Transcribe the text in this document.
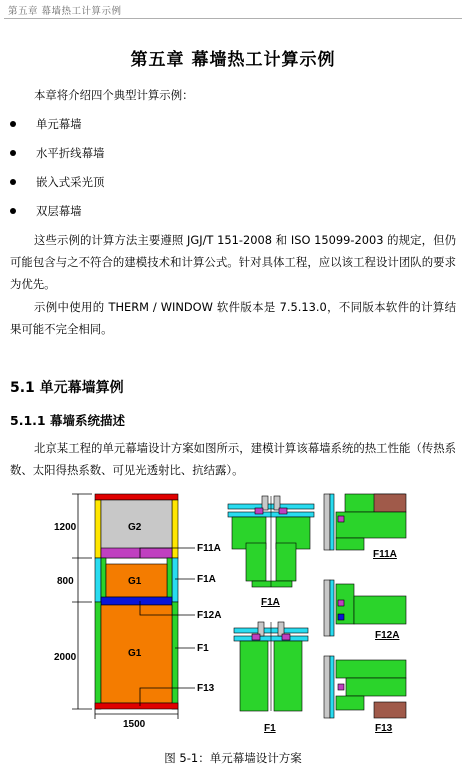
第五章 幕墙热工计算示例
第五章 幕墙热工计算示例
本章将介绍四个典型计算示例：
单元幕墙
水平折线幕墙
嵌入式采光顶
双层幕墙
这些示例的计算方法主要遵照 JGJ/T 151-2008 和 ISO 15099-2003 的规定，但仍可能包含与之不符合的建模技术和计算公式。针对具体工程，应以该工程设计团队的要求为优先。
示例中使用的 THERM / WINDOW 软件版本是 7.5.13.0，不同版本软件的计算结果可能不完全相同。
5.1 单元幕墙算例
5.1.1 幕墙系统描述
北京某工程的单元幕墙设计方案如图所示，建模计算该幕墙系统的热工性能（传热系数、太阳得热系数、可见光透射比、抗结露）。
1200
800
2000
1500
G2
G1
G1
F11A
F1A
F12A
F1
F13
F1A
F11A
F12A
F1	F13
图 5-1：单元幕墙设计方案
